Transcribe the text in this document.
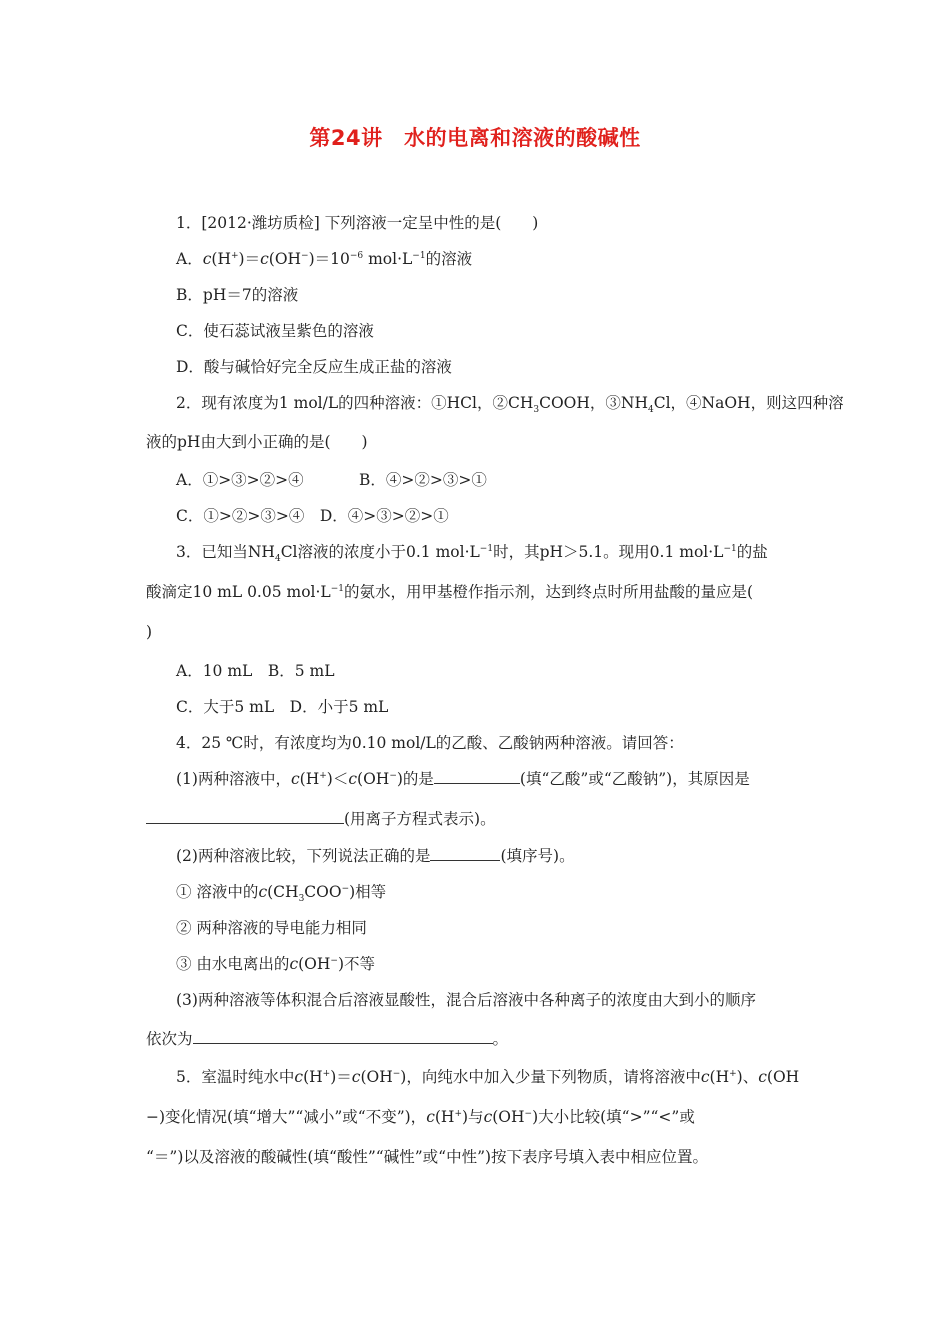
第24讲　水的电离和溶液的酸碱性
1．[2012·潍坊质检] 下列溶液一定呈中性的是(　　)
A．$c(H^+)=c(OH^-)=10^{-6}$ $mol\cdot L^{-1}$的溶液
B．pH＝7的溶液
C．使石蕊试液呈紫色的溶液
D．酸与碱恰好完全反应生成正盐的溶液
2．现有浓度为1 mol/L的四种溶液：①HCl，$②CH_3COOH$，$③NH_4Cl$，④NaOH，则这四种溶
液的pH由大到小正确的是(　　)
A．①>③>②>④	B．④>②>③>①
C．①>②>③>④　D．④>③>②>①
3．已知当$NH_4Cl$溶液的浓度小于0.1 $mol\cdot L^{-1}$时，其pH＞5.1。现用0.1 $mol\cdot L^{-1}$的盐
酸滴定10 mL 0.05 $mol\cdot L^{-1}$的氨水，用甲基橙作指示剂，达到终点时所用盐酸的量应是(
)
A．10 mL　B．5 mL
C．大于5 mL　D．小于5 mL
4．25 ℃时，有浓度均为0.10 mol/L的乙酸、乙酸钠两种溶液。请回答：
(1)两种溶液中，c(H+)＜c(OH−)的是	(填“乙酸”或“乙酸钠”)，其原因是
(用离子方程式表示)。
(2)两种溶液比较，下列说法正确的是	(填序号)。
① 溶液中的$c(CH_3COO^-)$相等
② 两种溶液的导电能力相同
③ 由水电离出的c(OH−)不等
(3)两种溶液等体积混合后溶液显酸性，混合后溶液中各种离子的浓度由大到小的顺序
依次为	。
5．室温时纯水中c(H+)＝c(OH−)，向纯水中加入少量下列物质，请将溶液中c(H+)、c(OH
−)变化情况(填“增大”“减小”或“不变”)，c(H+)与c(OH−)大小比较(填“>”“<”或
“＝”)以及溶液的酸碱性(填“酸性”“碱性”或“中性”)按下表序号填入表中相应位置。
